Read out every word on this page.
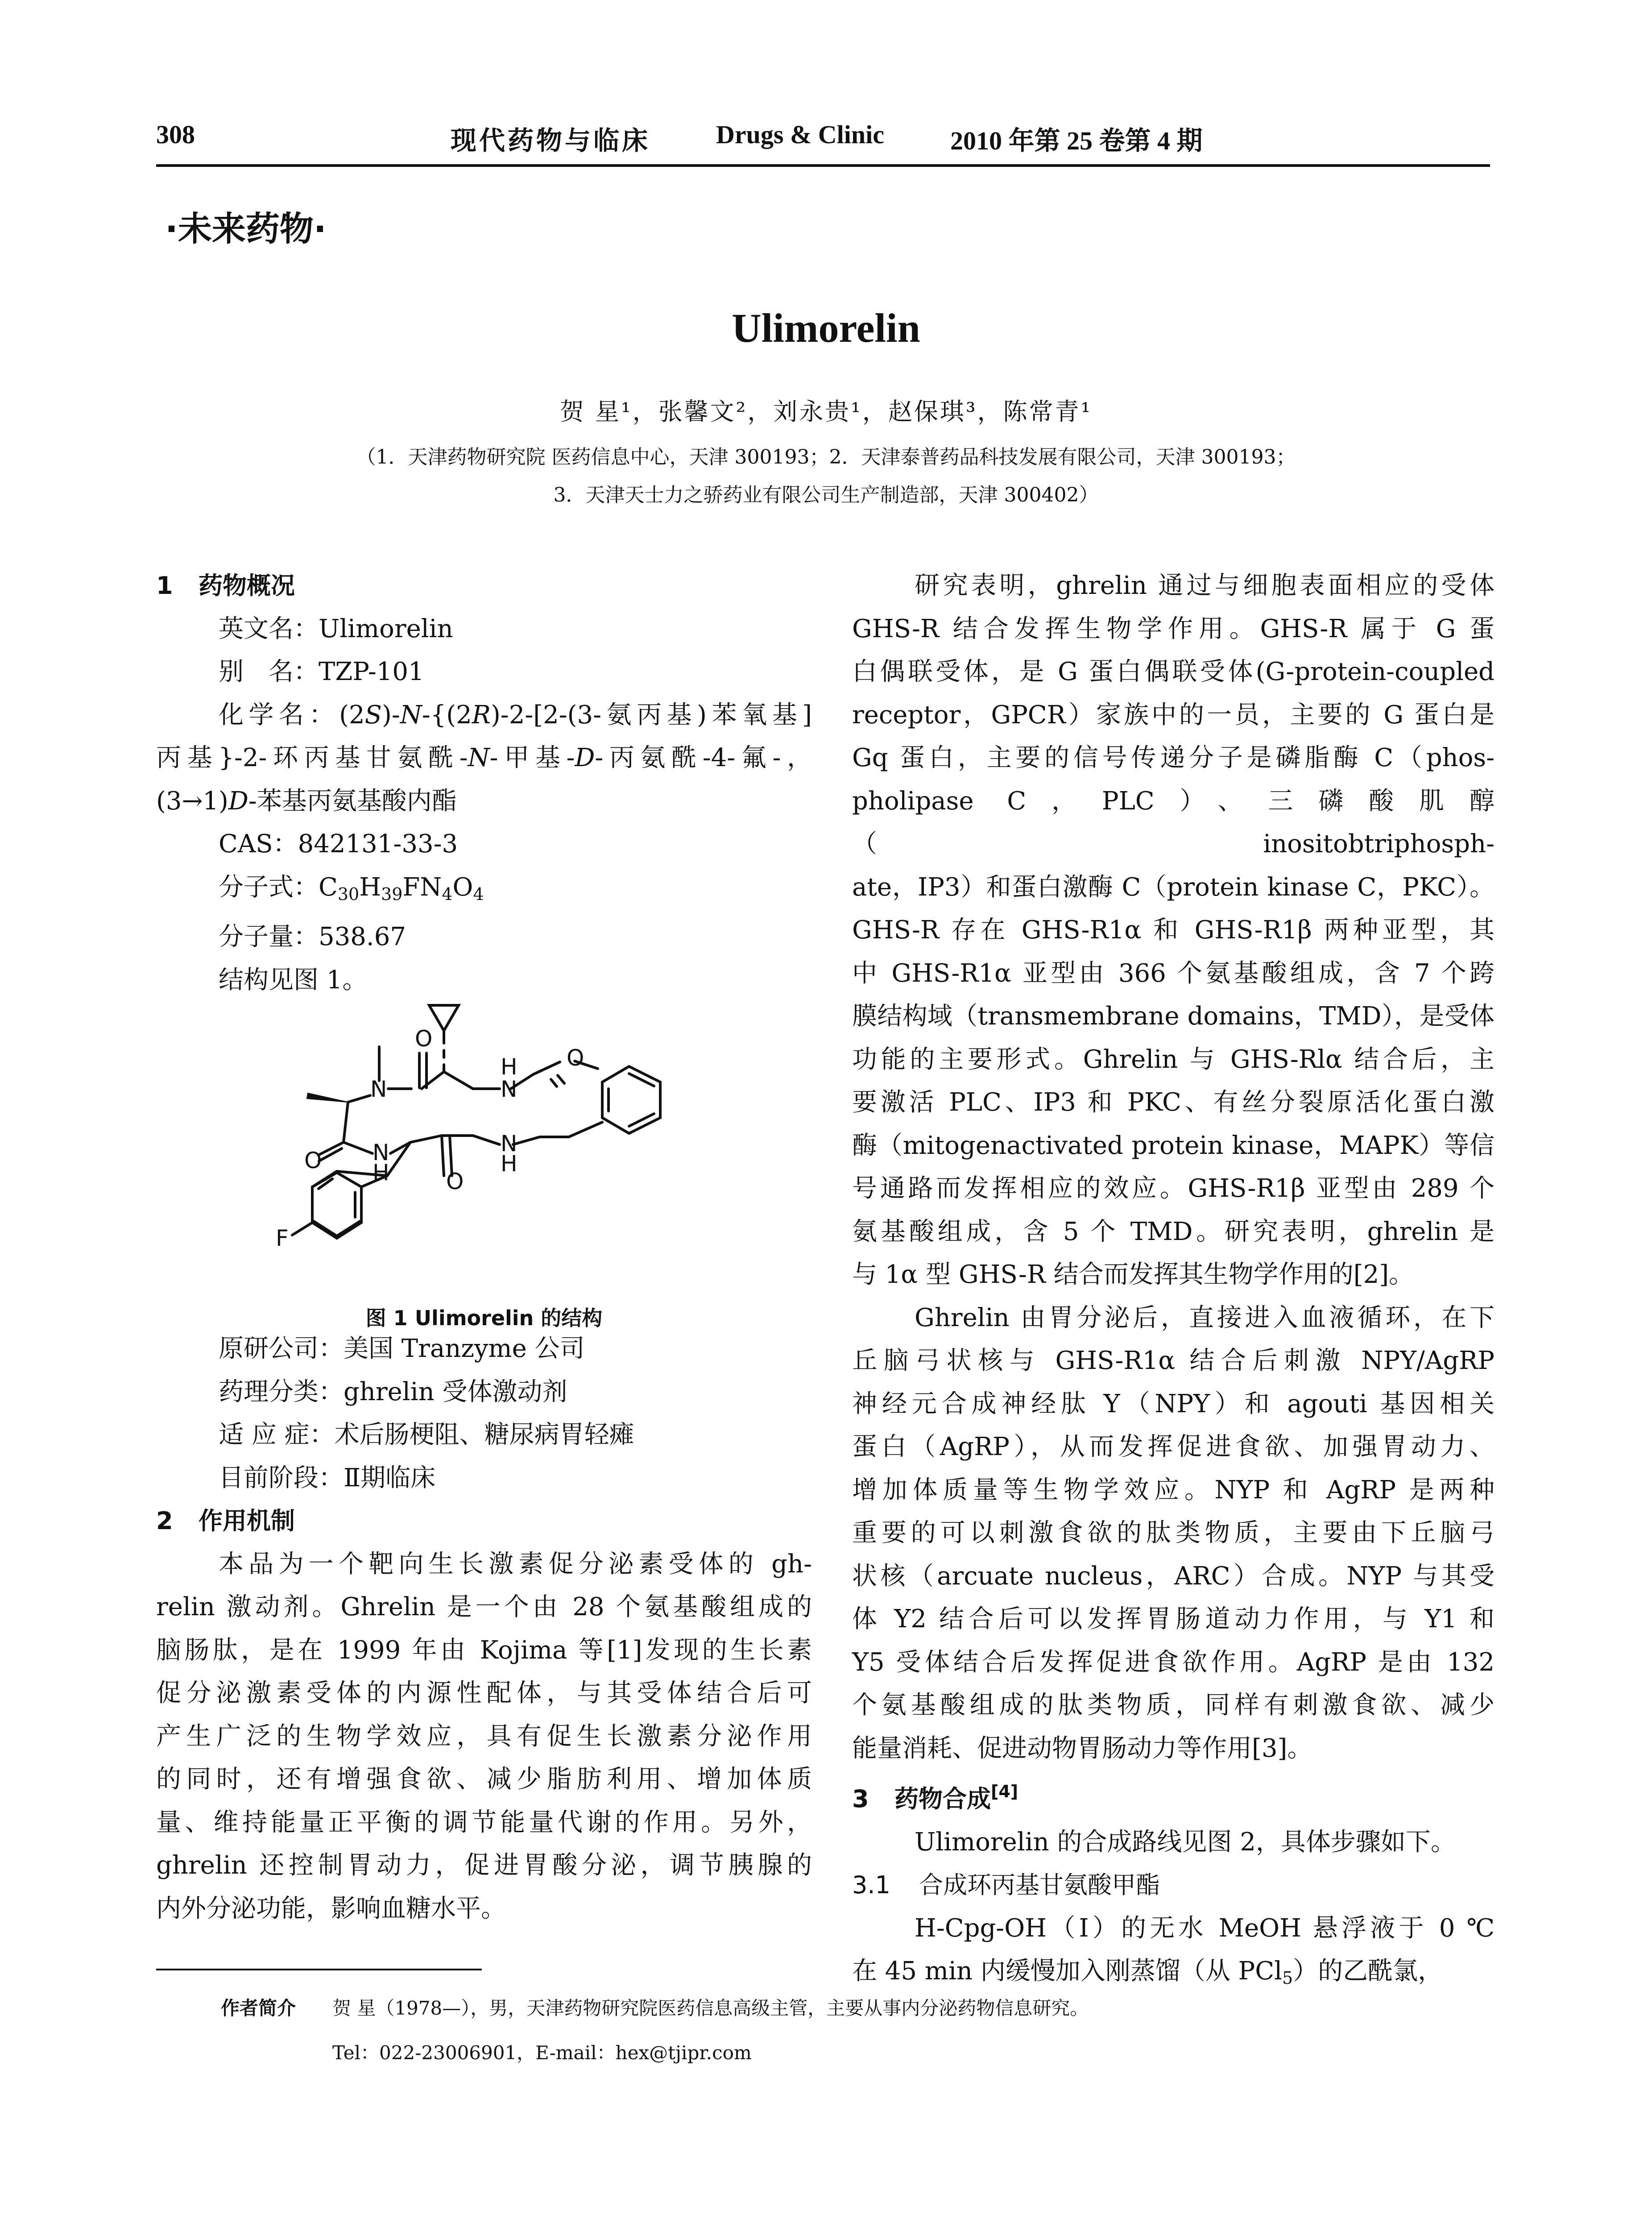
308	现代药物与临床	Drugs & Clinic	2010 年第 25 卷第 4 期
·未来药物·
Ulimorelin
贺 星¹，张馨文²，刘永贵¹，赵保琪³，陈常青¹
（1．天津药物研究院 医药信息中心，天津 300193；2．天津泰普药品科技发展有限公司，天津 300193；
3．天津天士力之骄药业有限公司生产制造部，天津 300402）

1 药物概况

英文名：Ulimorelin

别　名：TZP-101

化学名：(2S)-N-{(2R)-2-[2-(3-氨丙基)苯氧基]

丙基}-2-环丙基甘氨酰-N-甲基-D-丙氨酰-4-氟-，

(3→1)D-苯基丙氨基酸内酯

CAS：842131-33-3

分子式：$C_{30}H_{39}FN_4O_4$

分子量：538.67

结构见图 1。

O
O
O
O
N	N
N	N
H
H	H
F
图 1 Ulimorelin 的结构

原研公司：美国 Tranzyme 公司

药理分类：ghrelin 受体激动剂

适 应 症：术后肠梗阻、糖尿病胃轻瘫

目前阶段：Ⅱ期临床

2 作用机制

本品为一个靶向生长激素促分泌素受体的 gh-

relin 激动剂。Ghrelin 是一个由 28 个氨基酸组成的

脑肠肽，是在 1999 年由 Kojima 等[1]发现的生长素

促分泌激素受体的内源性配体，与其受体结合后可

产生广泛的生物学效应，具有促生长激素分泌作用

的同时，还有增强食欲、减少脂肪利用、增加体质

量、维持能量正平衡的调节能量代谢的作用。另外，

ghrelin 还控制胃动力，促进胃酸分泌，调节胰腺的

内外分泌功能，影响血糖水平。

研究表明，ghrelin 通过与细胞表面相应的受体

GHS-R 结合发挥生物学作用。GHS-R 属于 G 蛋

白偶联受体，是 G 蛋白偶联受体(G-protein-coupled

receptor，GPCR）家族中的一员，主要的 G 蛋白是

Gq 蛋白，主要的信号传递分子是磷脂酶 C（phos-

pholipase C，PLC）、三磷酸肌醇（inositobtriphosph-

ate，IP3）和蛋白激酶 C（protein kinase C，PKC）。

GHS-R 存在 GHS-R1α 和 GHS-R1β 两种亚型，其

中 GHS-R1α 亚型由 366 个氨基酸组成，含 7 个跨

膜结构域（transmembrane domains，TMD），是受体

功能的主要形式。Ghrelin 与 GHS-Rlα 结合后，主

要激活 PLC、IP3 和 PKC、有丝分裂原活化蛋白激

酶（mitogenactivated protein kinase，MAPK）等信

号通路而发挥相应的效应。GHS-R1β 亚型由 289 个

氨基酸组成，含 5 个 TMD。研究表明，ghrelin 是

与 1α 型 GHS-R 结合而发挥其生物学作用的[2]。

Ghrelin 由胃分泌后，直接进入血液循环，在下

丘脑弓状核与 GHS-R1α 结合后刺激 NPY/AgRP

神经元合成神经肽 Y（NPY）和 agouti 基因相关

蛋白（AgRP），从而发挥促进食欲、加强胃动力、

增加体质量等生物学效应。NYP 和 AgRP 是两种

重要的可以刺激食欲的肽类物质，主要由下丘脑弓

状核（arcuate nucleus，ARC）合成。NYP 与其受

体 Y2 结合后可以发挥胃肠道动力作用，与 Y1 和

Y5 受体结合后发挥促进食欲作用。AgRP 是由 132

个氨基酸组成的肽类物质，同样有刺激食欲、减少

能量消耗、促进动物胃肠动力等作用[3]。

3 药物合成[4]

Ulimorelin 的合成路线见图 2，具体步骤如下。

3.1 合成环丙基甘氨酸甲酯

H-Cpg-OH（Ⅰ）的无水 MeOH 悬浮液于 0 ℃

在 45 min 内缓慢加入刚蒸馏（从 PCl$_5$）的乙酰氯，

作者简介 贺 星（1978—），男，天津药物研究院医药信息高级主管，主要从事内分泌药物信息研究。
Tel：022-23006901，E-mail：hex@tjipr.com
